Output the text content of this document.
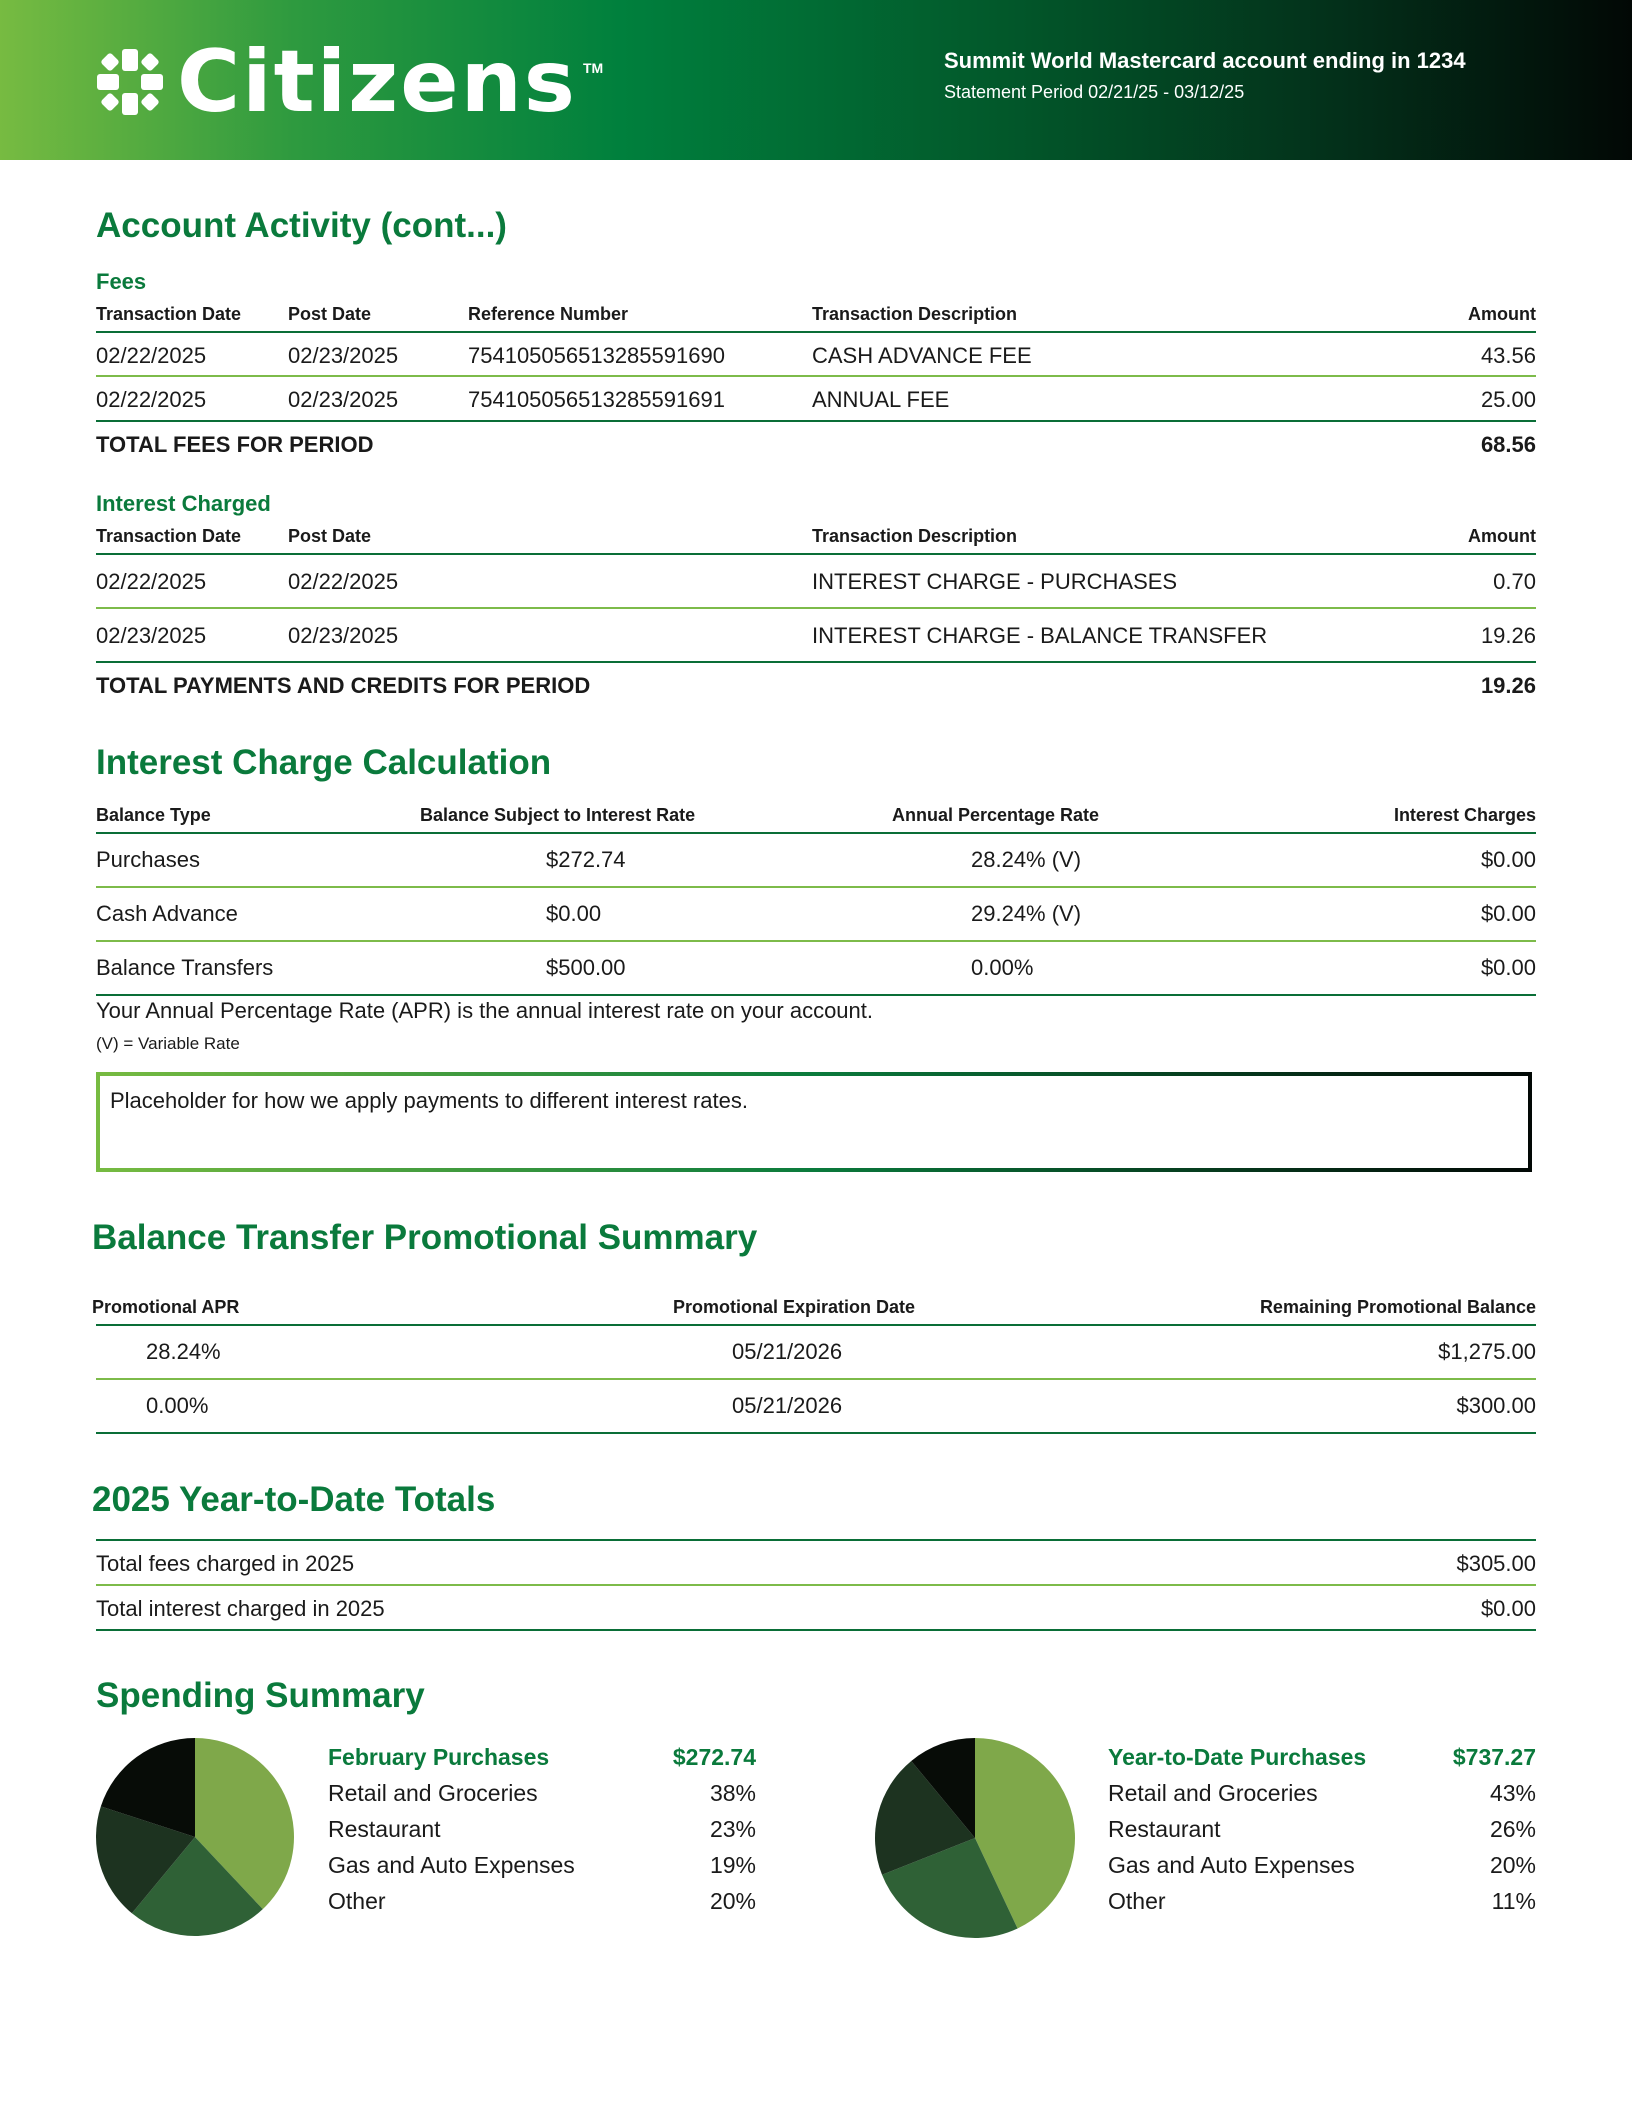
Citizens TM	Summit World Mastercard account ending in 1234
Statement Period 02/21/25 - 03/12/25
Account Activity (cont...)
Fees
Transaction Date	Post Date	Reference Number	Transaction Description	Amount
02/22/2025	02/23/2025	754105056513285591690	CASH ADVANCE FEE	43.56
02/22/2025	02/23/2025	754105056513285591691	ANNUAL FEE	25.00
TOTAL FEES FOR PERIOD	68.56
Interest Charged
Transaction Date	Post Date	Transaction Description	Amount
02/22/2025	02/22/2025	INTEREST CHARGE - PURCHASES	0.70
02/23/2025	02/23/2025	INTEREST CHARGE - BALANCE TRANSFER	19.26
TOTAL PAYMENTS AND CREDITS FOR PERIOD	19.26
Interest Charge Calculation
Balance Type	Balance Subject to Interest Rate	Annual Percentage Rate	Interest Charges
Purchases	$272.74	28.24% (V)	$0.00
Cash Advance	$0.00	29.24% (V)	$0.00
Balance Transfers	$500.00	0.00%	$0.00
Your Annual Percentage Rate (APR) is the annual interest rate on your account.
(V) = Variable Rate
Placeholder for how we apply payments to different interest rates.
Balance Transfer Promotional Summary
Promotional APR	Promotional Expiration Date	Remaining Promotional Balance
28.24%	05/21/2026	$1,275.00
0.00%	05/21/2026	$300.00
2025 Year-to-Date Totals
Total fees charged in 2025	$305.00
Total interest charged in 2025	$0.00
Spending Summary
February Purchases	$272.74
Retail and Groceries	38%
Restaurant	23%
Gas and Auto Expenses	19%
Other	20%
Year-to-Date Purchases	$737.27
Retail and Groceries	43%
Restaurant	26%
Gas and Auto Expenses	20%
Other	11%
